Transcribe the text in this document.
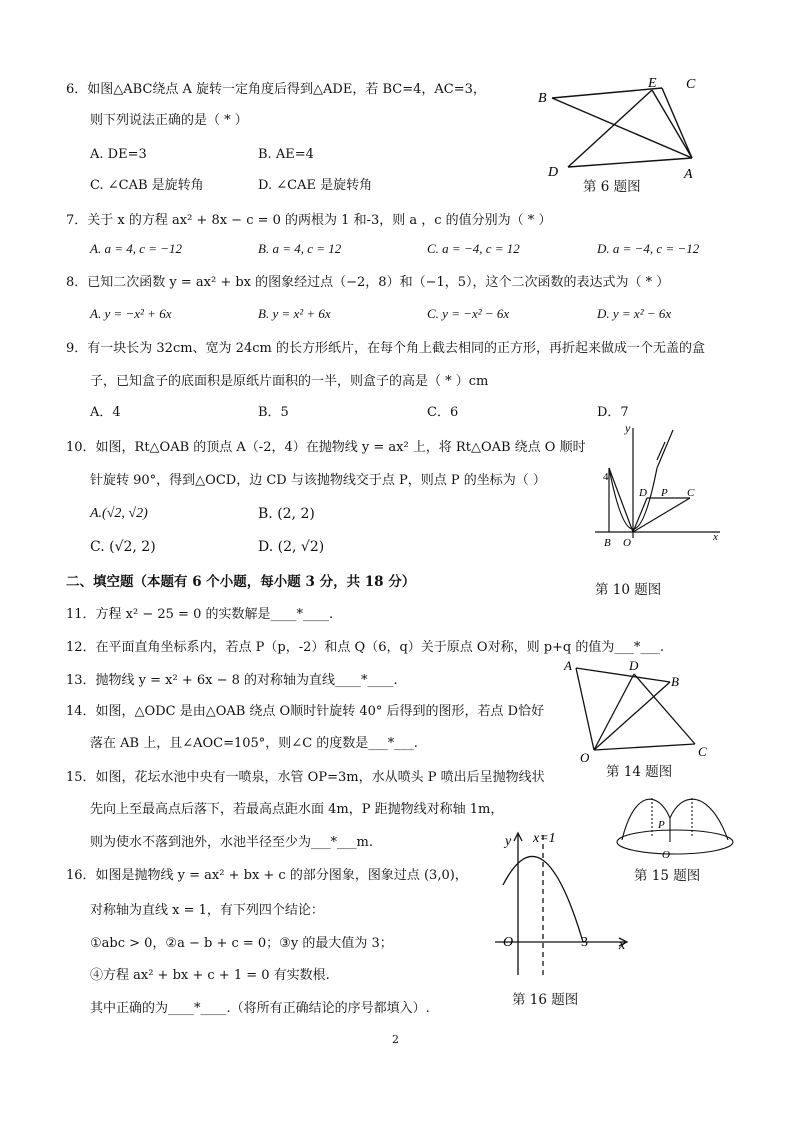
6．如图△ABC绕点 A 旋转一定角度后得到△ADE，若 BC=4，AC=3，
则下列说法正确的是（ * ）
A. DE=3	B. AE=4
C. ∠CAB 是旋转角	D. ∠CAE 是旋转角
B
E C
D	A
第 6 题图
7．关于 x 的方程 ax² + 8x − c = 0 的两根为 1 和-3，则 a ，c 的值分别为（ * ）
A. a = 4, c = −12	B. a = 4, c = 12	C. a = −4, c = 12	D. a = −4, c = −12
8．已知二次函数 y = ax² + bx 的图象经过点（−2，8）和（−1，5），这个二次函数的表达式为（ * ）
A. y = −x² + 6x	B. y = x² + 6x	C. y = −x² − 6x	D. y = x² − 6x
9．有一块长为 32cm、宽为 24cm 的长方形纸片，在每个角上截去相同的正方形，再折起来做成一个无盖的盒
子，已知盒子的底面积是原纸片面积的一半，则盒子的高是（ * ）cm
A．4	B．5	C．6	D．7
10．如图，Rt△OAB 的顶点 A（-2，4）在抛物线 y = ax² 上，将 Rt△OAB 绕点 O 顺时
针旋转 90°，得到△OCD，边 CD 与该抛物线交于点 P，则点 P 的坐标为（ ）
A.(√2, √2)	B. (2, 2)
C. (√2, 2)	D. (2, √2)
y
4
D P C
B O	x
第 10 题图
二、填空题（本题有 6 个小题，每小题 3 分，共 18 分）
11．方程 x² − 25 = 0 的实数解是____*____.
12．在平面直角坐标系内，若点 P（p，-2）和点 Q（6，q）关于原点 O对称，则 p+q 的值为___*___.
13．抛物线 y = x² + 6x − 8 的对称轴为直线____*____.
A	D
B
O	C
第 14 题图
14．如图，△ODC 是由△OAB 绕点 O顺时针旋转 40° 后得到的图形，若点 D恰好
落在 AB 上，且∠AOC=105°，则∠C 的度数是___*___.
15．如图，花坛水池中央有一喷泉，水管 OP=3m，水从喷头 P 喷出后呈抛物线状
先向上至最高点后落下，若最高点距水面 4m，P 距抛物线对称轴 1m，
则为使水不落到池外，水池半径至少为___*___m.
P
O
第 15 题图
16．如图是抛物线 y = ax² + bx + c 的部分图象，图象过点 (3,0)，
对称轴为直线 x = 1，有下列四个结论：
①abc > 0，②a − b + c = 0；③y 的最大值为 3；
④方程 ax² + bx + c + 1 = 0 有实数根.
其中正确的为____*____.（将所有正确结论的序号都填入）.
y x=1
O	3 x
第 16 题图
2
